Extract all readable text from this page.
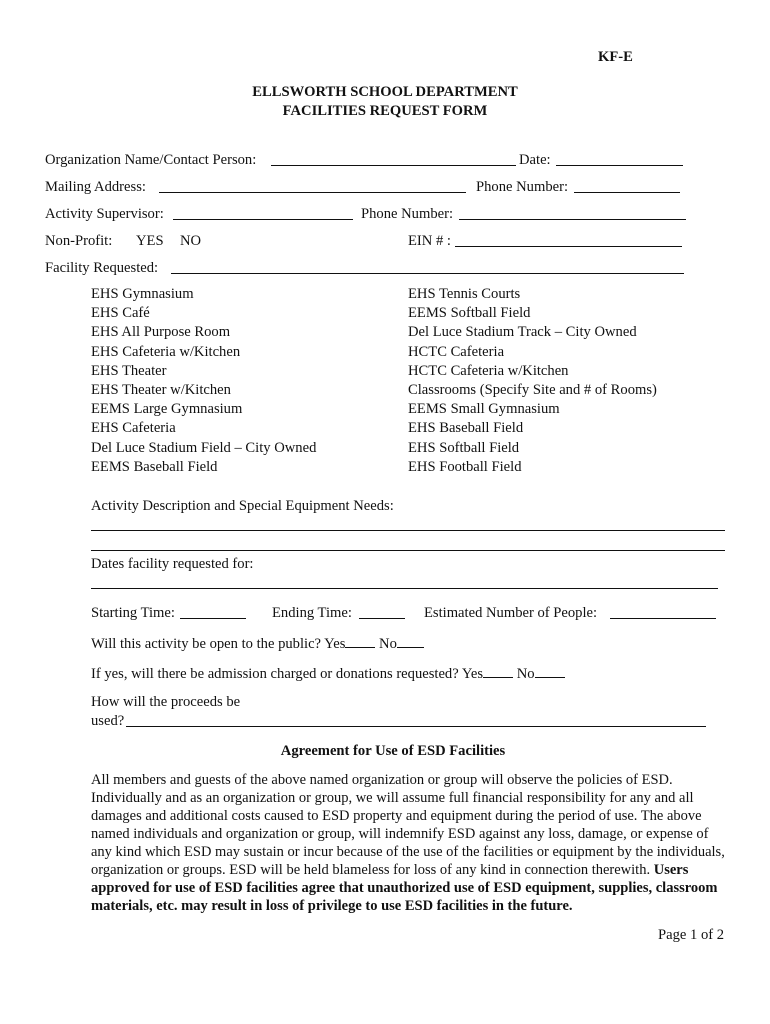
KF-E
ELLSWORTH SCHOOL DEPARTMENT
FACILITIES REQUEST FORM
Organization Name/Contact Person:	Date:
Mailing Address:	Phone Number:
Activity Supervisor:	Phone Number:
Non-Profit: YES NO	EIN # :
Facility Requested:
EHS Gymnasium
EHS Café
EHS All Purpose Room
EHS Cafeteria w/Kitchen
EHS Theater
EHS Theater w/Kitchen
EEMS Large Gymnasium
EHS Cafeteria
Del Luce Stadium Field – City Owned
EEMS Baseball Field
EHS Tennis Courts
EEMS Softball Field
Del Luce Stadium Track – City Owned
HCTC Cafeteria
HCTC Cafeteria w/Kitchen
Classrooms (Specify Site and # of Rooms)
EEMS Small Gymnasium
EHS Baseball Field
EHS Softball Field
EHS Football Field
Activity Description and Special Equipment Needs:
Dates facility requested for:
Starting Time:	Ending Time:	Estimated Number of People:
Will this activity be open to the public? Yes No
If yes, will there be admission charged or donations requested? Yes No
How will the proceeds be
used?
Agreement for Use of ESD Facilities
All members and guests of the above named organization or group will observe the policies of ESD. Individually and as an organization or group, we will assume full financial responsibility for any and all damages and additional costs caused to ESD property and equipment during the period of use. The above named individuals and organization or group, will indemnify ESD against any loss, damage, or expense of any kind which ESD may sustain or incur because of the use of the facilities or equipment by the individuals, organization or groups. ESD will be held blameless for loss of any kind in connection therewith. Users approved for use of ESD facilities agree that unauthorized use of ESD equipment, supplies, classroom materials, etc. may result in loss of privilege to use ESD facilities in the future.
Page 1 of 2
